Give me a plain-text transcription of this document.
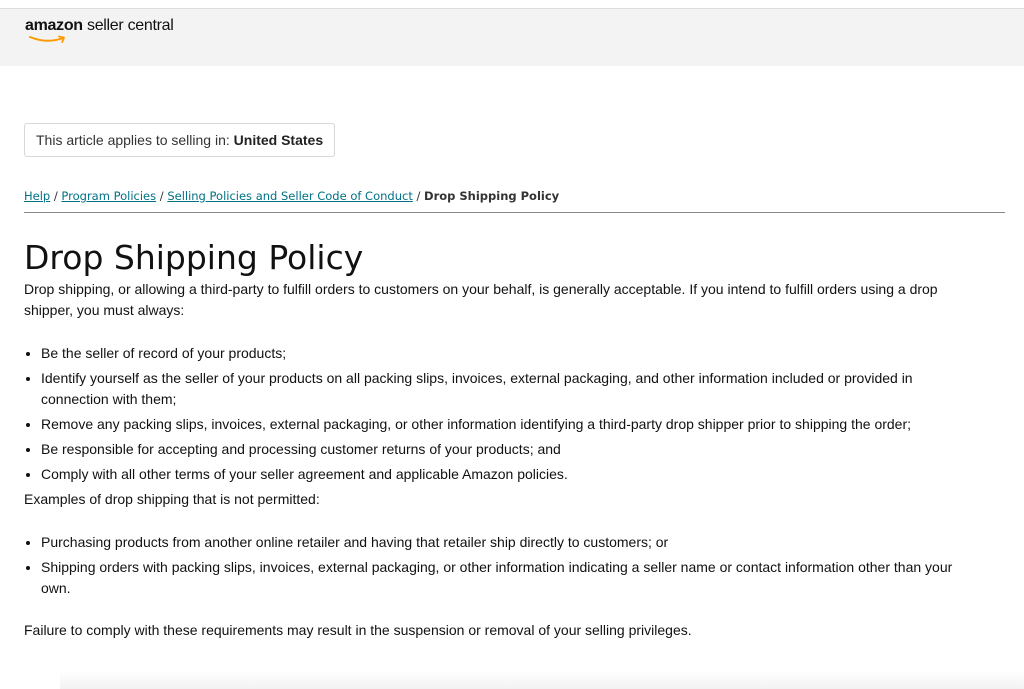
amazon seller central
This article applies to selling in: United States
Help / Program Policies / Selling Policies and Seller Code of Conduct / Drop Shipping Policy
Drop Shipping Policy

Drop shipping, or allowing a third-party to fulfill orders to customers on your behalf, is generally acceptable. If you intend to fulfill orders using a drop shipper, you must always:

• Be the seller of record of your products;
• Identify yourself as the seller of your products on all packing slips, invoices, external packaging, and other information included or provided in connection with them;
• Remove any packing slips, invoices, external packaging, or other information identifying a third-party drop shipper prior to shipping the order;
• Be responsible for accepting and processing customer returns of your products; and
• Comply with all other terms of your seller agreement and applicable Amazon policies.

Examples of drop shipping that is not permitted:

• Purchasing products from another online retailer and having that retailer ship directly to customers; or
• Shipping orders with packing slips, invoices, external packaging, or other information indicating a seller name or contact information other than your own.

Failure to comply with these requirements may result in the suspension or removal of your selling privileges.
